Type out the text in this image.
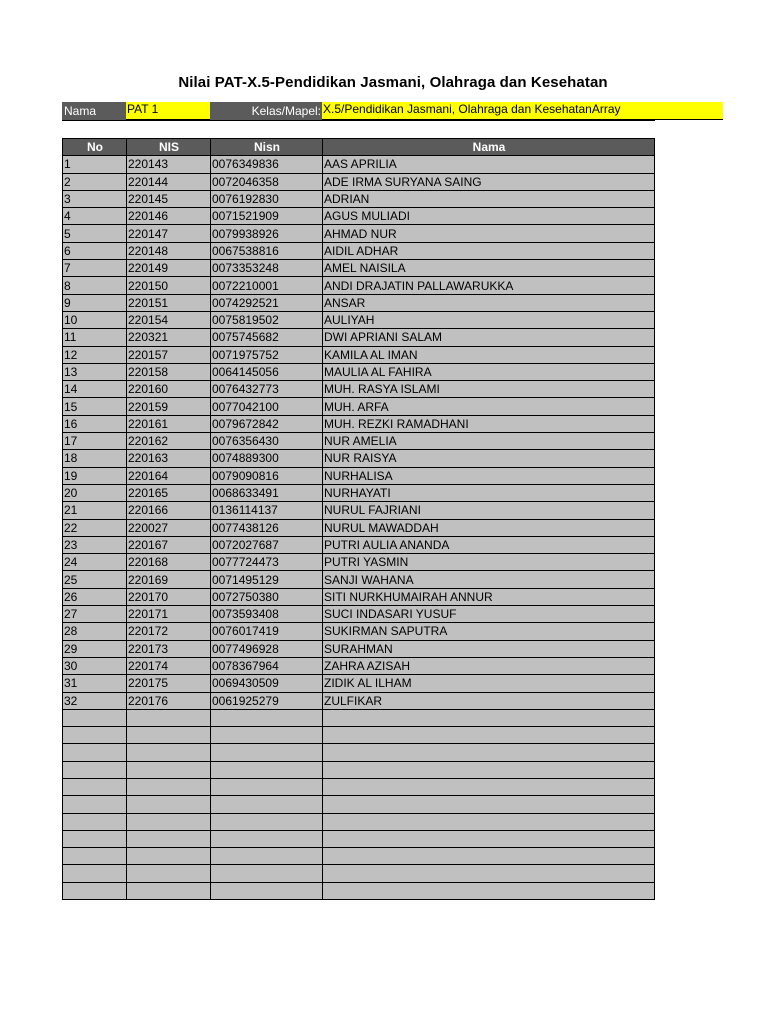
Nilai PAT-X.5-Pendidikan Jasmani, Olahraga dan Kesehatan
Nama	PAT 1	Kelas/Mapel: X.5/Pendidikan Jasmani, Olahraga dan KesehatanArray
No	NIS	Nisn	Nama
1	220143	0076349836	AAS APRILIA
2	220144	0072046358	ADE IRMA SURYANA SAING
3	220145	0076192830	ADRIAN
4	220146	0071521909	AGUS MULIADI
5	220147	0079938926	AHMAD NUR
6	220148	0067538816	AIDIL ADHAR
7	220149	0073353248	AMEL NAISILA
8	220150	0072210001	ANDI DRAJATIN PALLAWARUKKA
9	220151	0074292521	ANSAR
10	220154	0075819502	AULIYAH
11	220321	0075745682	DWI APRIANI SALAM
12	220157	0071975752	KAMILA AL IMAN
13	220158	0064145056	MAULIA AL FAHIRA
14	220160	0076432773	MUH. RASYA ISLAMI
15	220159	0077042100	MUH. ARFA
16	220161	0079672842	MUH. REZKI RAMADHANI
17	220162	0076356430	NUR AMELIA
18	220163	0074889300	NUR RAISYA
19	220164	0079090816	NURHALISA
20	220165	0068633491	NURHAYATI
21	220166	0136114137	NURUL FAJRIANI
22	220027	0077438126	NURUL MAWADDAH
23	220167	0072027687	PUTRI AULIA ANANDA
24	220168	0077724473	PUTRI YASMIN
25	220169	0071495129	SANJI WAHANA
26	220170	0072750380	SITI NURKHUMAIRAH ANNUR
27	220171	0073593408	SUCI INDASARI YUSUF
28	220172	0076017419	SUKIRMAN SAPUTRA
29	220173	0077496928	SURAHMAN
30	220174	0078367964	ZAHRA AZISAH
31	220175	0069430509	ZIDIK AL ILHAM
32	220176	0061925279	ZULFIKAR
